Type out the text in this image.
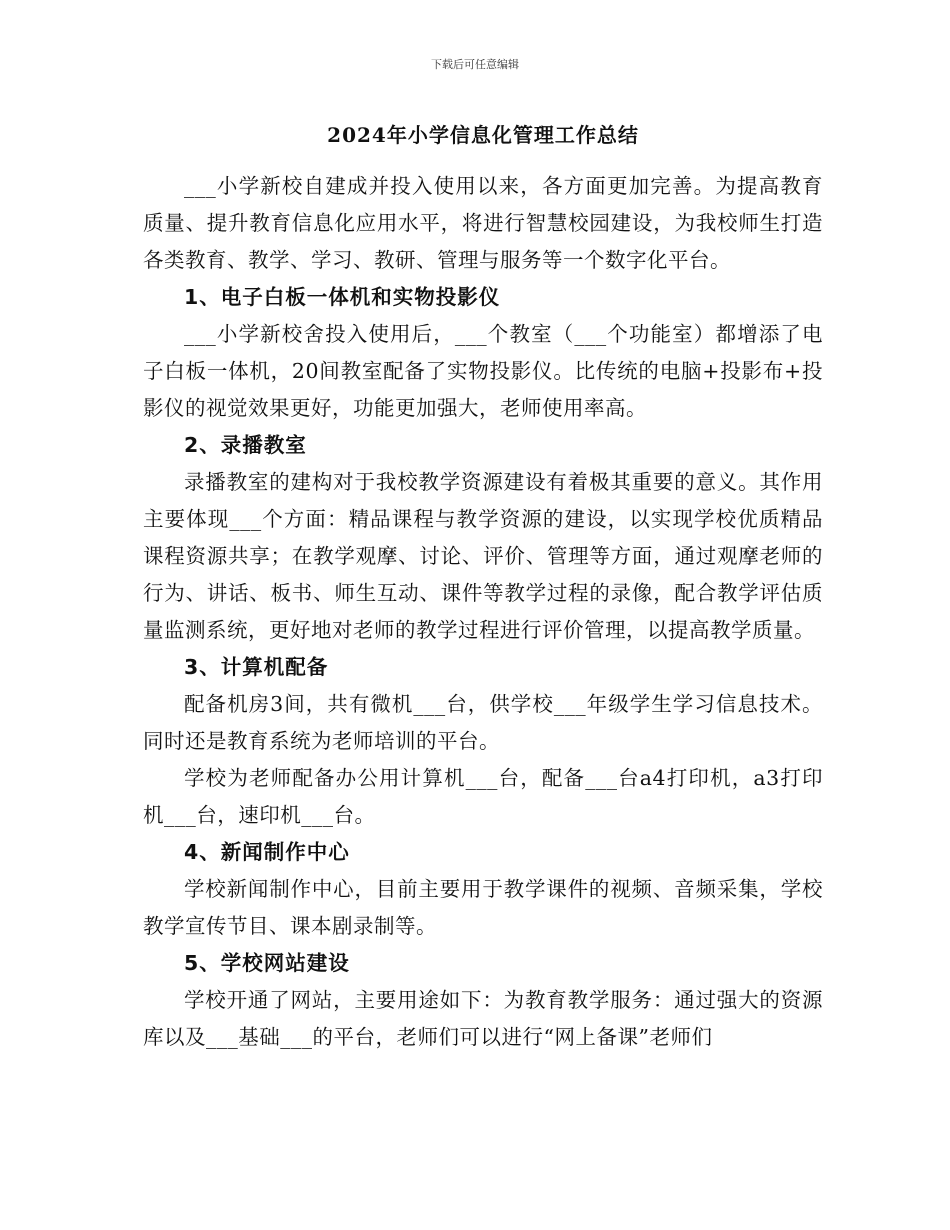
下载后可任意编辑
2024年小学信息化管理工作总结

___小学新校自建成并投入使用以来，各方面更加完善。为提高教育质量、提升教育信息化应用水平，将进行智慧校园建设，为我校师生打造各类教育、教学、学习、教研、管理与服务等一个数字化平台。

1、电子白板一体机和实物投影仪

___小学新校舍投入使用后，___个教室（___个功能室）都增添了电子白板一体机，20间教室配备了实物投影仪。比传统的电脑+投影布+投影仪的视觉效果更好，功能更加强大，老师使用率高。

2、录播教室

录播教室的建构对于我校教学资源建设有着极其重要的意义。其作用主要体现___个方面：精品课程与教学资源的建设，以实现学校优质精品课程资源共享；在教学观摩、讨论、评价、管理等方面，通过观摩老师的行为、讲话、板书、师生互动、课件等教学过程的录像，配合教学评估质量监测系统，更好地对老师的教学过程进行评价管理，以提高教学质量。

3、计算机配备

配备机房3间，共有微机___台，供学校___年级学生学习信息技术。同时还是教育系统为老师培训的平台。

学校为老师配备办公用计算机___台，配备___台a4打印机，a3打印机___台，速印机___台。

4、新闻制作中心

学校新闻制作中心，目前主要用于教学课件的视频、音频采集，学校教学宣传节目、课本剧录制等。

5、学校网站建设

学校开通了网站，主要用途如下：为教育教学服务：通过强大的资源库以及___基础___的平台，老师们可以进行“网上备课”老师们
